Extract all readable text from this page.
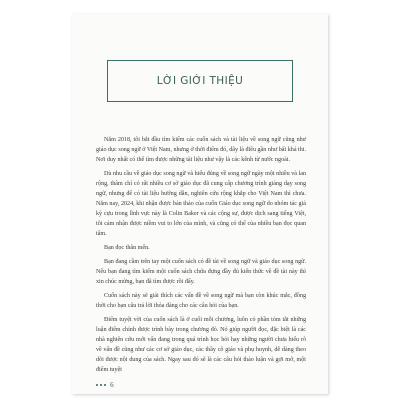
LỜI GIỚI THIỆU

Năm 2018, tôi bắt đầu tìm kiếm các cuốn sách và tài liệu về song ngữ cũng như giáo dục song ngữ ở Việt Nam, nhưng ở thời điểm đó, dây là điều gần như bất khả thi. Nơi duy nhất có thể tìm được những tài liệu như vậy là các kênh từ nước ngoài.

Dù nhu cầu về giáo dục song ngữ và hiểu đúng về song ngữ ngày một nhiều và lan rộng, thâm chí có rất nhiều cơ sở giáo dục đã cung cấp chương trình giảng dạy song ngữ, nhưng để có tài liệu hướng dẫn, nghiên cứu rộng khắp cho Việt Nam thì chưa. Năm nay, 2024, khi nhận được bản thảo của cuốn Giáo dục song ngữ do nhóm tác giả kỳ cựu trong lĩnh vực này là Colin Baker và các cộng sự, được dịch sang tiếng Việt, tôi cảm nhận được niềm vui to lớn của mình, và cũng có thể của nhiều bạn đọc quan tâm.

Bạn đọc thân mến.

Bạn đang cầm trên tay một cuốn sách có đề tài về song ngữ và giáo dục song ngữ. Nếu bạn đang tìm kiếm một cuốn sách chứa đựng đầy đủ kiến thức về đề tài này thì xin chúc mừng, bạn đã tìm được rồi đấy.

Cuốn sách này sẽ giải thích các vấn đề về song ngữ mà bạn còn khúc mắc, đồng thời cho bạn câu trả lời thỏa đáng cho các câu hỏi của bạn.

Điểm tuyệt vời của cuốn sách là ở cuối mỗi chương, luôn có phần tóm tắt những luận điểm chính được trình bày trong chương đó. Nó giúp người đọc, đặc biệt là các nhà nghiên cứu mới vấn đang trong quá trình học hỏi hay những người chưa hiểu rõ về vấn đề cũng như các cơ sở giáo dục, các thầy cô giáo và phụ huynh, dễ dàng theo dõi được nội dung của sách. Ngay sau đó sẽ là các câu hỏi thảo luận và gợi mở, một điểm tuyệt

6
